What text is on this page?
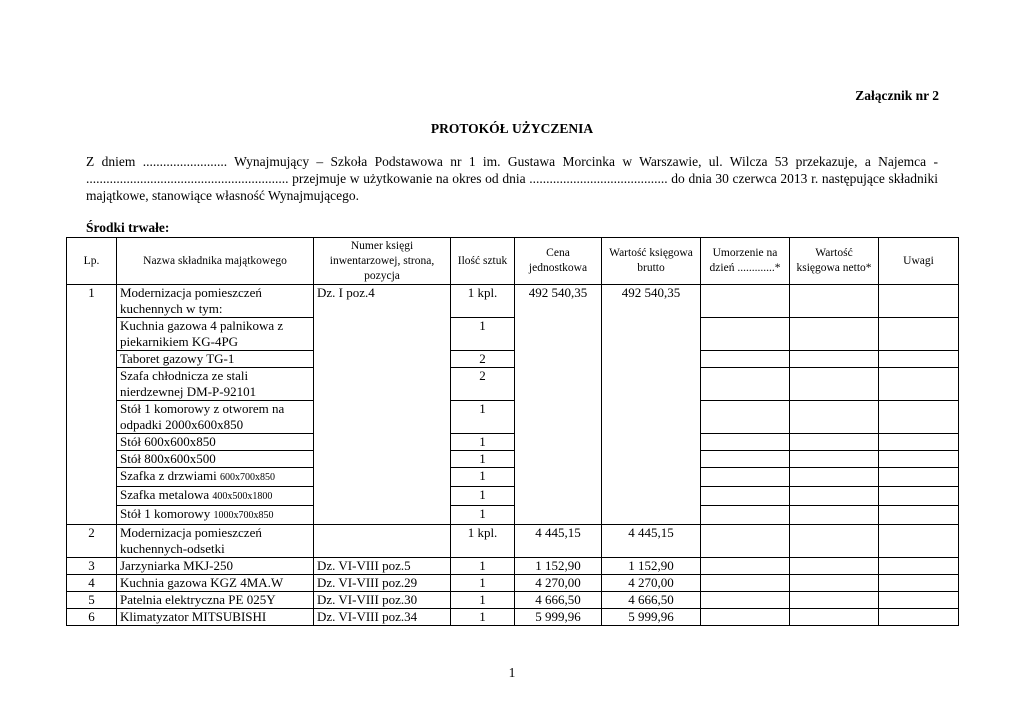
Załącznik nr 2
PROTOKÓŁ UŻYCZENIA
Z dniem ......................... Wynajmujący – Szkoła Podstawowa nr 1 im. Gustawa Morcinka w Warszawie, ul. Wilcza 53 przekazuje, a Najemca - ............................................................ przejmuje w użytkowanie na okres od dnia ......................................... do dnia 30 czerwca 2013 r. następujące składniki majątkowe, stanowiące własność Wynajmującego.
Środki trwałe:
Lp.	Nazwa składnika majątkowego	Numer księgi inwentarzowej, strona, pozycja	Ilość sztuk	Cena jednostkowa	Wartość księgowa brutto	Umorzenie na dzień .............*	Wartość księgowa netto*	Uwagi
1	Modernizacja pomieszczeń kuchennych w tym:	Dz. I poz.4	1 kpl.	492 540,35	492 540,35			
	Kuchnia gazowa 4 palnikowa z piekarnikiem KG-4PG		1					
	Taboret gazowy TG-1		2					
	Szafa chłodnicza ze stali nierdzewnej DM-P-92101		2					
	Stół 1 komorowy z otworem na odpadki 2000x600x850		1					
	Stół 600x600x850		1					
	Stół 800x600x500		1					
	Szafka z drzwiami 600x700x850		1					
	Szafka metalowa 400x500x1800		1					
	Stół 1 komorowy 1000x700x850		1					
2	Modernizacja pomieszczeń kuchennych-odsetki		1 kpl.	4 445,15	4 445,15			
3	Jarzyniarka MKJ-250	Dz. VI-VIII poz.5	1	1 152,90	1 152,90			
4	Kuchnia gazowa KGZ 4MA.W	Dz. VI-VIII poz.29	1	4 270,00	4 270,00			
5	Patelnia elektryczna PE 025Y	Dz. VI-VIII poz.30	1	4 666,50	4 666,50			
6	Klimatyzator MITSUBISHI	Dz. VI-VIII poz.34	1	5 999,96	5 999,96			
1
